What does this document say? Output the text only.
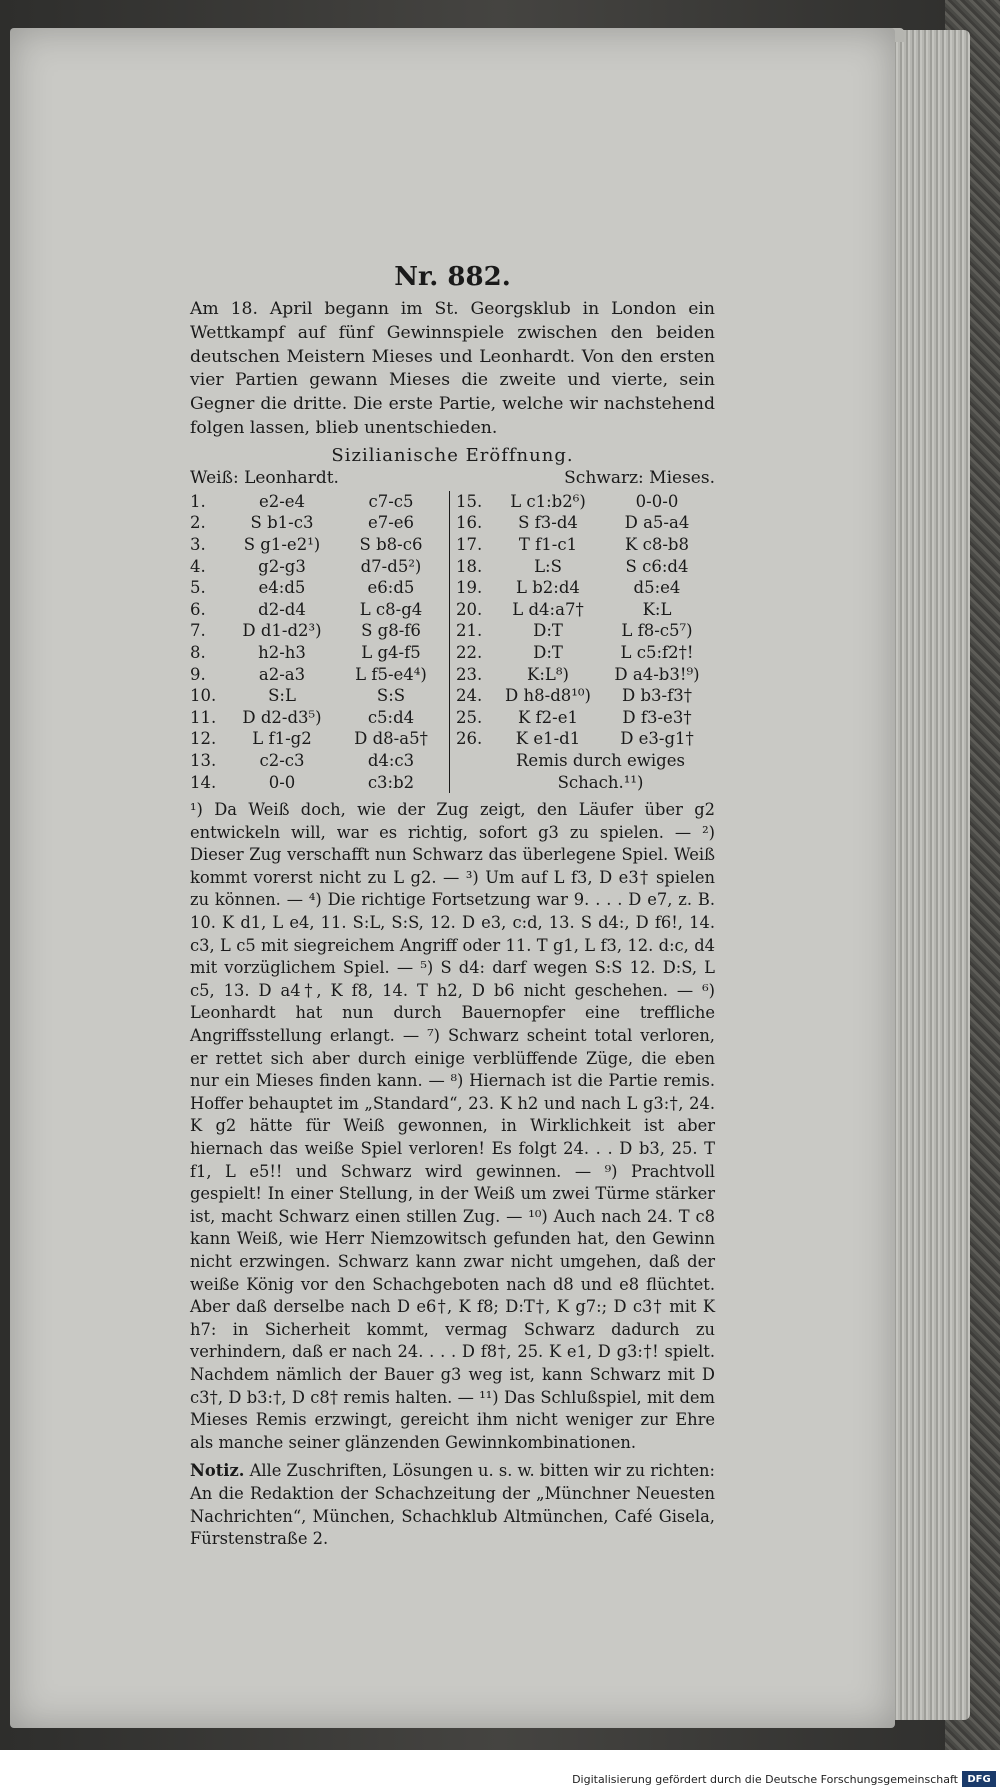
Nr. 882.

Am 18. April begann im St. Georgsklub in London ein Wettkampf auf fünf Gewinnspiele zwischen den beiden deutschen Meistern Mieses und Leonhardt. Von den ersten vier Partien gewann Mieses die zweite und vierte, sein Gegner die dritte. Die erste Partie, welche wir nachstehend folgen lassen, blieb unentschieden.

Sizilianische Eröffnung.
Weiß: Leonhardt.	Schwarz: Mieses.
1.	e2-e4	c7-c5
2.	S b1-c3	e7-e6
3.	S g1-e2¹)	S b8-c6
4.	g2-g3	d7-d5²)
5.	e4:d5	e6:d5
6.	d2-d4	L c8-g4
7.	D d1-d2³)	S g8-f6
8.	h2-h3	L g4-f5
9.	a2-a3	L f5-e4⁴)
10.	S:L	S:S
11.	D d2-d3⁵)	c5:d4
12.	L f1-g2	D d8-a5†
13.	c2-c3	d4:c3
14.	0-0	c3:b2
15.	L c1:b2⁶)	0-0-0
16.	S f3-d4	D a5-a4
17.	T f1-c1	K c8-b8
18.	L:S	S c6:d4
19.	L b2:d4	d5:e4
20.	L d4:a7†	K:L
21.	D:T	L f8-c5⁷)
22.	D:T	L c5:f2†!
23.	K:L⁸)	D a4-b3!⁹)
24.	D h8-d8¹⁰)	D b3-f3†
25.	K f2-e1	D f3-e3†
26.	K e1-d1	D e3-g1†
Remis durch ewiges
Schach.¹¹)

¹) Da Weiß doch, wie der Zug zeigt, den Läufer über g2 entwickeln will, war es richtig, sofort g3 zu spielen. — ²) Dieser Zug verschafft nun Schwarz das überlegene Spiel. Weiß kommt vorerst nicht zu L g2. — ³) Um auf L f3, D e3† spielen zu können. — ⁴) Die richtige Fortsetzung war 9. . . . D e7, z. B. 10. K d1, L e4, 11. S:L, S:S, 12. D e3, c:d, 13. S d4:, D f6!, 14. c3, L c5 mit siegreichem Angriff oder 11. T g1, L f3, 12. d:c, d4 mit vorzüglichem Spiel. — ⁵) S d4: darf wegen S:S 12. D:S, L c5, 13. D a4†, K f8, 14. T h2, D b6 nicht geschehen. — ⁶) Leonhardt hat nun durch Bauernopfer eine treffliche Angriffsstellung erlangt. — ⁷) Schwarz scheint total verloren, er rettet sich aber durch einige verblüffende Züge, die eben nur ein Mieses finden kann. — ⁸) Hiernach ist die Partie remis. Hoffer behauptet im „Standard“, 23. K h2 und nach L g3:†, 24. K g2 hätte für Weiß gewonnen, in Wirklichkeit ist aber hiernach das weiße Spiel verloren! Es folgt 24. . . D b3, 25. T f1, L e5!! und Schwarz wird gewinnen. — ⁹) Prachtvoll gespielt! In einer Stellung, in der Weiß um zwei Türme stärker ist, macht Schwarz einen stillen Zug. — ¹⁰) Auch nach 24. T c8 kann Weiß, wie Herr Niemzowitsch gefunden hat, den Gewinn nicht erzwingen. Schwarz kann zwar nicht umgehen, daß der weiße König vor den Schachgeboten nach d8 und e8 flüchtet. Aber daß derselbe nach D e6†, K f8; D:T†, K g7:; D c3† mit K h7: in Sicherheit kommt, vermag Schwarz dadurch zu verhindern, daß er nach 24. . . . D f8†, 25. K e1, D g3:†! spielt. Nachdem nämlich der Bauer g3 weg ist, kann Schwarz mit D c3†, D b3:†, D c8† remis halten. — ¹¹) Das Schlußspiel, mit dem Mieses Remis erzwingt, gereicht ihm nicht weniger zur Ehre als manche seiner glänzenden Gewinnkombinationen.

Notiz. Alle Zuschriften, Lösungen u. s. w. bitten wir zu richten: An die Redaktion der Schachzeitung der „Münchner Neuesten Nachrichten“, München, Schachklub Altmünchen, Café Gisela, Fürstenstraße 2.

Digitalisierung gefördert durch die Deutsche Forschungsgemeinschaft DFG
